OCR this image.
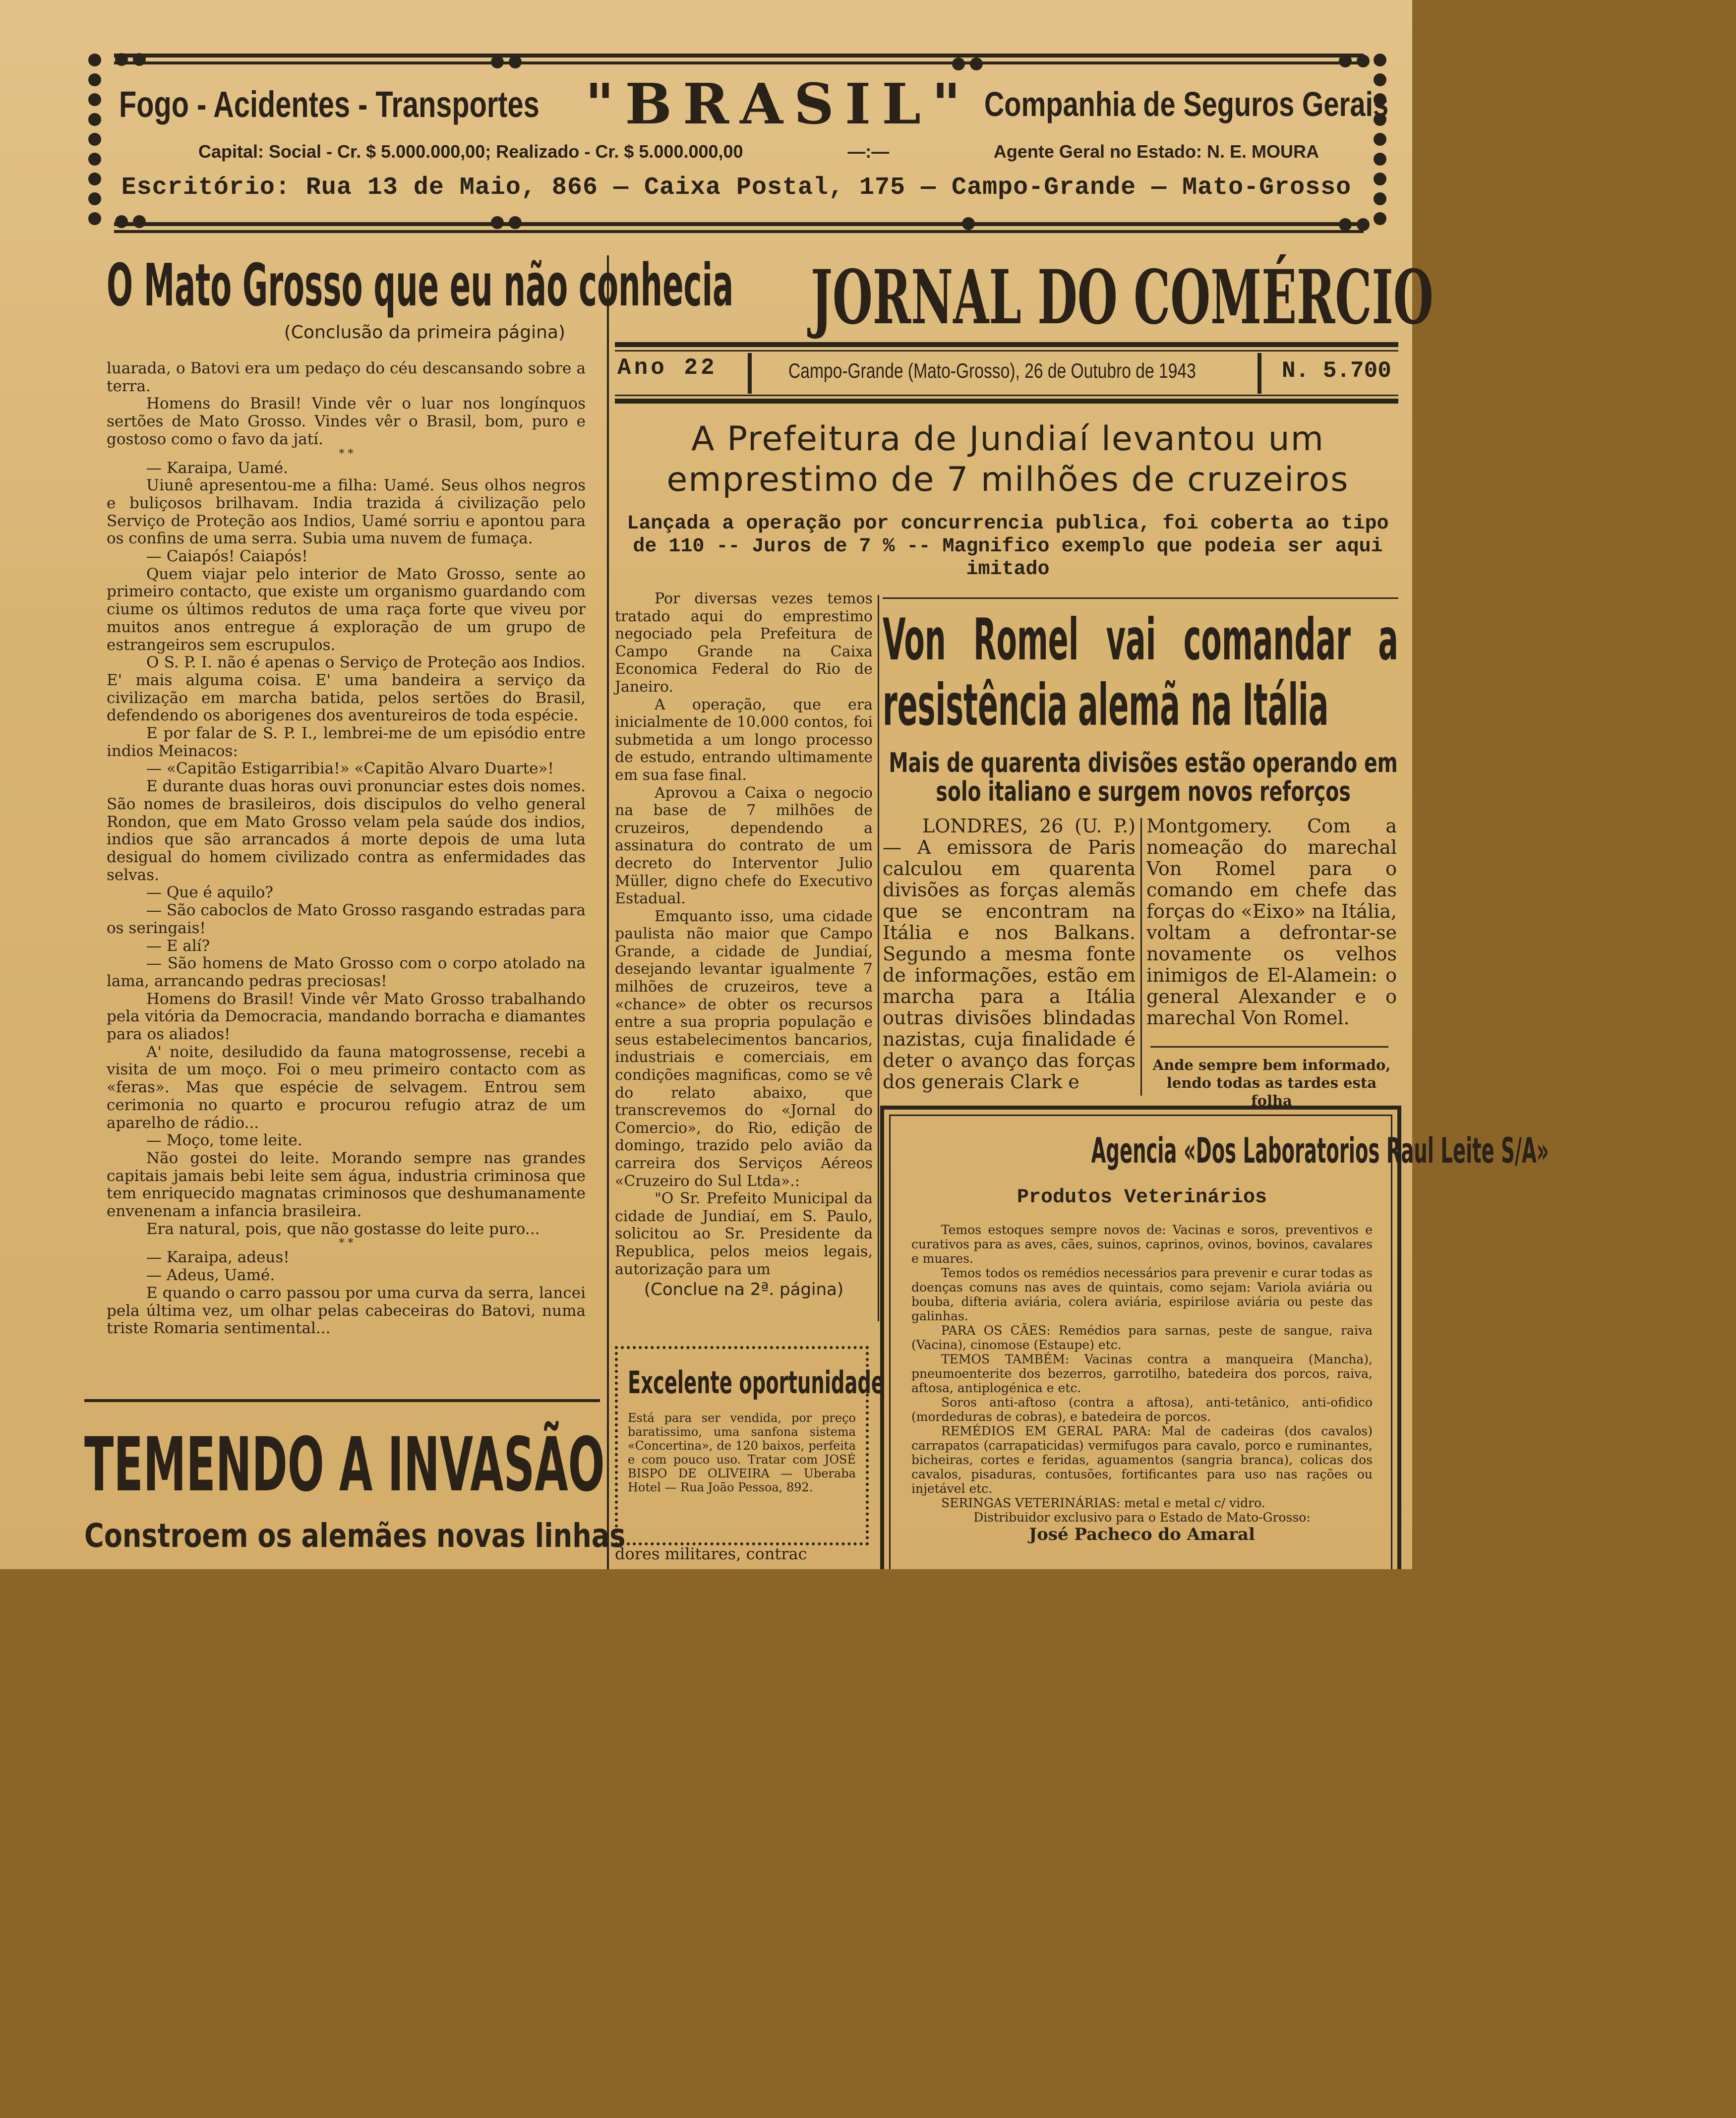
Fogo - Acidentes - Transportes "BRASIL" Companhia de Seguros Gerais
Capital: Social - Cr. $ 5.000.000,00; Realizado - Cr. $ 5.000.000,00	—:—	Agente Geral no Estado: N. E. MOURA
Escritório: Rua 13 de Maio, 866 — Caixa Postal, 175 — Campo-Grande — Mato-Grosso
O Mato Grosso que eu não conhecia
(Conclusão da primeira página)

luarada, o Batovi era um pedaço do céu descansando sobre a terra.

Homens do Brasil! Vinde vêr o luar nos longínquos sertões de Mato Grosso. Vindes vêr o Brasil, bom, puro e gostoso como o favo da jatí.

* *

— Karaipa, Uamé.

Uiunê apresentou-me a filha: Uamé. Seus olhos negros e buliçosos brilhavam. India trazida á civilização pelo Serviço de Proteção aos Indios, Uamé sorriu e apontou para os confins de uma serra. Subia uma nuvem de fumaça.

— Caiapós! Caiapós!

Quem viajar pelo interior de Mato Grosso, sente ao primeiro contacto, que existe um organismo guardando com ciume os últimos redutos de uma raça forte que viveu por muitos anos entregue á exploração de um grupo de estrangeiros sem escrupulos.

O S. P. I. não é apenas o Serviço de Proteção aos Indios. E' mais alguma coisa. E' uma bandeira a serviço da civilização em marcha batida, pelos sertões do Brasil, defendendo os aborigenes dos aventureiros de toda espécie.

E por falar de S. P. I., lembrei-me de um episódio entre indios Meinacos:

— «Capitão Estigarribia!» «Capitão Alvaro Duarte»!

E durante duas horas ouvi pronunciar estes dois nomes. São nomes de brasileiros, dois discipulos do velho general Rondon, que em Mato Grosso velam pela saúde dos indios, indios que são arrancados á morte depois de uma luta desigual do homem civilizado contra as enfermidades das selvas.

— Que é aquilo?

— São caboclos de Mato Grosso rasgando estradas para os seringais!

— E alí?

— São homens de Mato Grosso com o corpo atolado na lama, arrancando pedras preciosas!

Homens do Brasil! Vinde vêr Mato Grosso trabalhando pela vitória da Democracia, mandando borracha e diamantes para os aliados!

A' noite, desiludido da fauna matogrossense, recebi a visita de um moço. Foi o meu primeiro contacto com as «feras». Mas que espécie de selvagem. Entrou sem cerimonia no quarto e procurou refugio atraz de um aparelho de rádio...

— Moço, tome leite.

Não gostei do leite. Morando sempre nas grandes capitais jamais bebi leite sem água, industria criminosa que tem enriquecido magnatas criminosos que deshumanamente envenenam a infancia brasileira.

Era natural, pois, que não gostasse do leite puro...

* *

— Karaipa, adeus!

— Adeus, Uamé.

E quando o carro passou por uma curva da serra, lancei pela última vez, um olhar pelas cabeceiras do Batovi, numa triste Romaria sentimental...

TEMENDO A INVASÃO
Constroem os alemães novas linhas
JORNAL DO COMÉRCIO
Ano 22	Campo-Grande (Mato-Grosso), 26 de Outubro de 1943	N. 5.700
A Prefeitura de Jundiaí levantou um emprestimo de 7 milhões de cruzeiros
Lançada a operação por concurrencia publica, foi coberta ao tipo de 110 -- Juros de 7 % -- Magnifico exemplo que podeia ser aqui imitado

Por diversas vezes temos tratado aqui do emprestimo negociado pela Prefeitura de Campo Grande na Caixa Economica Federal do Rio de Janeiro.

A operação, que era inicialmente de 10.000 contos, foi submetida a um longo processo de estudo, entrando ultimamente em sua fase final.

Aprovou a Caixa o negocio na base de 7 milhões de cruzeiros, dependendo a assinatura do contrato de um decreto do Interventor Julio Müller, digno chefe do Executivo Estadual.

Emquanto isso, uma cidade paulista não maior que Campo Grande, a cidade de Jundiaí, desejando levantar igualmente 7 milhões de cruzeiros, teve a «chance» de obter os recursos entre a sua propria população e seus estabelecimentos bancarios, industriais e comerciais, em condições magnificas, como se vê do relato abaixo, que transcrevemos do «Jornal do Comercio», do Rio, edição de domingo, trazido pelo avião da carreira dos Serviços Aéreos «Cruzeiro do Sul Ltda».:

"O Sr. Prefeito Municipal da cidade de Jundiaí, em S. Paulo, solicitou ao Sr. Presidente da Republica, pelos meios legais, autorização para um

(Conclue na 2ª. página)

Excelente oportunidade
Está para ser vendida, por preço baratissimo, uma sanfona sistema «Concertina», de 120 baixos, perfeita e com pouco uso. Tratar com JOSÉ BISPO DE OLIVEIRA — Uberaba Hotel — Rua João Pessoa, 892.
dores militares, contrac
Von Romel vai comandar a resistência alemã na Itália
Mais de quarenta divisões estão operando em solo italiano e surgem novos reforços

LONDRES, 26 (U. P.) — A emissora de Paris calculou em quarenta divisões as forças alemãs que se encontram na Itália e nos Balkans. Segundo a mesma fonte de informações, estão em marcha para a Itália outras divisões blindadas nazistas, cuja finalidade é deter o avanço das forças dos generais Clark e

Montgomery. Com a nomeação do marechal Von Romel para o comando em chefe das forças do «Eixo» na Itália, voltam a defrontar-se novamente os velhos inimigos de El-Alamein: o general Alexander e o marechal Von Romel.

Ande sempre bem informado, lendo todas as tardes esta folha
Agencia «Dos Laboratorios Raul Leite S/A»
Produtos Veterinários

Temos estoques sempre novos de: Vacinas e soros, preventivos e curativos para as aves, cães, suinos, caprinos, ovinos, bovinos, cavalares e muares.

Temos todos os remédios necessários para prevenir e curar todas as doenças comuns nas aves de quintais, como sejam: Variola aviária ou bouba, difteria aviária, colera aviária, espirilose aviária ou peste das galinhas.

PARA OS CÃES: Remédios para sarnas, peste de sangue, raiva (Vacina), cinomose (Estaupe) etc.

TEMOS TAMBÉM: Vacinas contra a manqueira (Mancha), pneumoenterite dos bezerros, garrotilho, batedeira dos porcos, raiva, aftosa, antiplogénica e etc.

Soros anti-aftoso (contra a aftosa), anti-tetânico, anti-ofidico (mordeduras de cobras), e batedeira de porcos.

REMÉDIOS EM GERAL PARA: Mal de cadeiras (dos cavalos) carrapatos (carrapaticidas) vermifugos para cavalo, porco e ruminantes, bicheiras, cortes e feridas, aguamentos (sangria branca), colicas dos cavalos, pisaduras, contusões, fortificantes para uso nas rações ou injetável etc.

SERINGAS VETERINÁRIAS: metal e metal c/ vidro.

Distribuidor exclusivo para o Estado de Mato-Grosso:

José Pacheco do Amaral
